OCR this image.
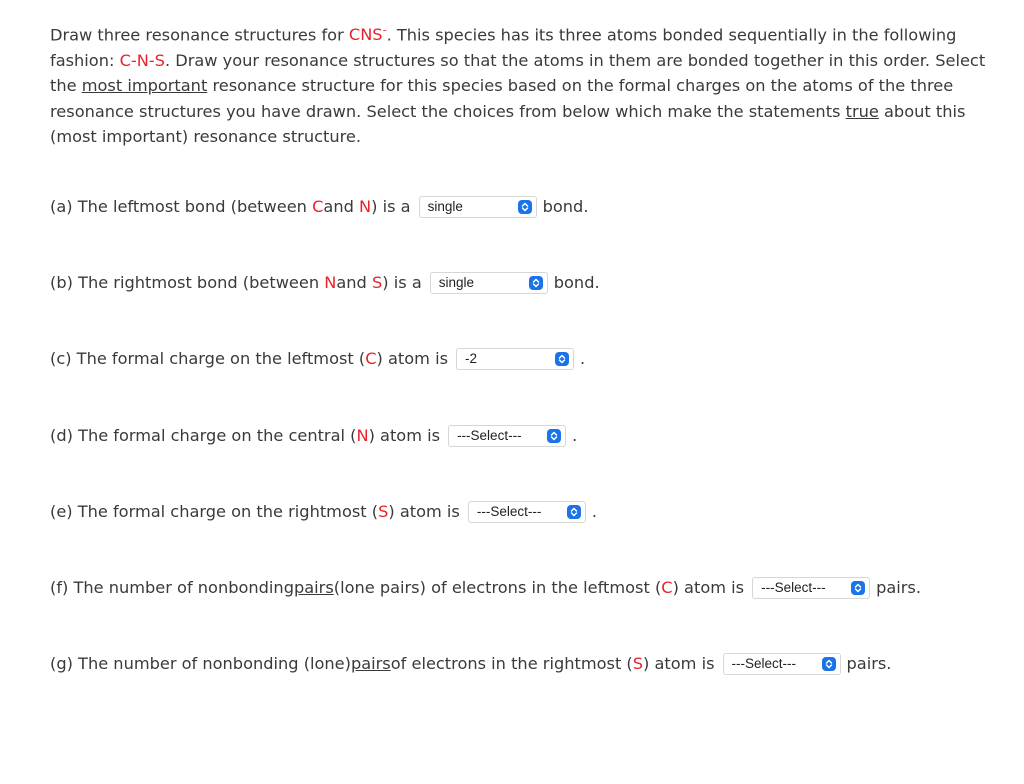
Draw three resonance structures for CNS-. This species has its three atoms bonded sequentially in the following fashion: C-N-S. Draw your resonance structures so that the atoms in them are bonded together in this order. Select the most important resonance structure for this species based on the formal charges on the atoms of the three resonance structures you have drawn. Select the choices from below which make the statements true about this (most important) resonance structure.
(a) The leftmost bond (between
C and
N ) is a single	bond.
(b) The rightmost bond (between
N and
S ) is a single	bond.
(c) The formal charge on the leftmost ( C ) atom is -2	.
(d) The formal charge on the central ( N ) atom is ---Select---	.
(e) The formal charge on the rightmost ( S ) atom is ---Select---	.
(f) The number of nonbonding pairs (lone pairs) of electrons in the leftmost ( C ) atom is ---Select---	pairs.
(g) The number of nonbonding (lone) pairs of electrons in the rightmost ( S ) atom is ---Select---	pairs.
